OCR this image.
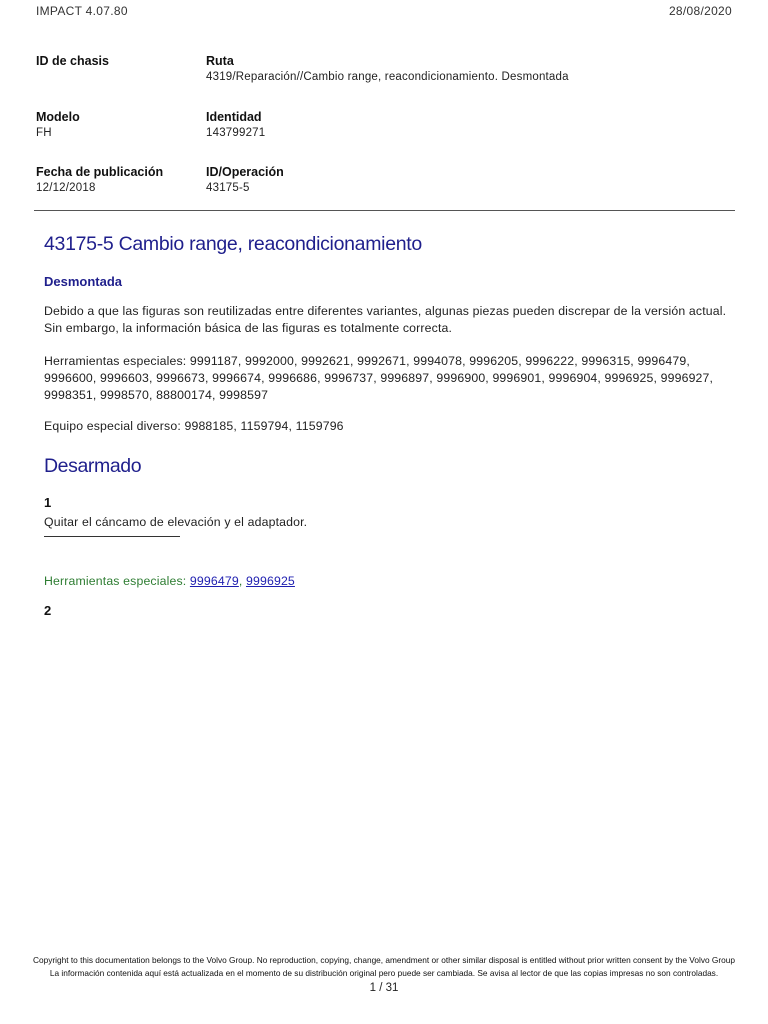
IMPACT 4.07.80	28/08/2020
ID de chasis	Ruta
4319/Reparación//Cambio range, reacondicionamiento. Desmontada
Modelo
FH
Identidad
143799271
Fecha de publicación
12/12/2018
ID/Operación
43175-5
43175-5 Cambio range, reacondicionamiento
Desmontada

Debido a que las figuras son reutilizadas entre diferentes variantes, algunas piezas pueden discrepar de la versión actual. Sin embargo, la información básica de las figuras es totalmente correcta.

Herramientas especiales: 9991187, 9992000, 9992621, 9992671, 9994078, 9996205, 9996222, 9996315, 9996479, 9996600, 9996603, 9996673, 9996674, 9996686, 9996737, 9996897, 9996900, 9996901, 9996904, 9996925, 9996927, 9998351, 9998570, 88800174, 9998597

Equipo especial diverso: 9988185, 1159794, 1159796

Desarmado
1
Quitar el cáncamo de elevación y el adaptador.
Herramientas especiales: 9996479, 9996925
2
Copyright to this documentation belongs to the Volvo Group. No reproduction, copying, change, amendment or other similar disposal is entitled without prior written consent by the Volvo Group
La información contenida aquí está actualizada en el momento de su distribución original pero puede ser cambiada. Se avisa al lector de que las copias impresas no son controladas.
1 / 31
